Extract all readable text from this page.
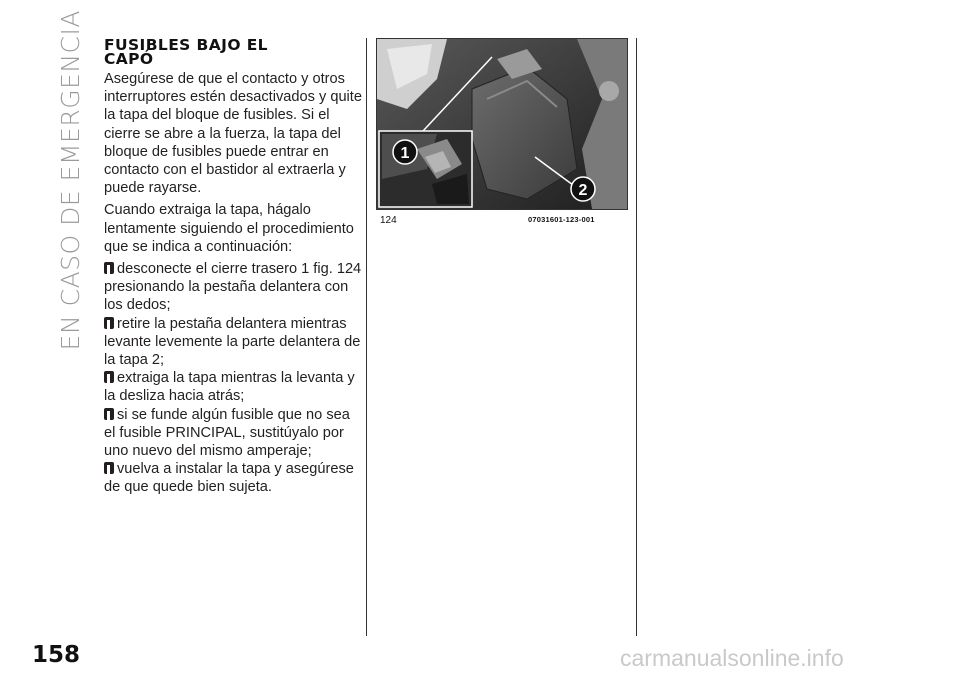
EN CASO DE EMERGENCIA FUSIBLES BAJO EL
CAPÓ

Asegúrese de que el contacto y otros interruptores estén desactivados y quite la tapa del bloque de fusibles. Si el cierre se abre a la fuerza, la tapa del bloque de fusibles puede entrar en contacto con el bastidor al extraerla y puede rayarse.

Cuando extraiga la tapa, hágalo lentamente siguiendo el procedimiento que se indica a continuación:

desconecte el cierre trasero 1 fig. 124 presionando la pestaña delantera con los dedos;

retire la pestaña delantera mientras levante levemente la parte delantera de la tapa 2;

extraiga la tapa mientras la levanta y la desliza hacia atrás;

si se funde algún fusible que no sea el fusible PRINCIPAL, sustitúyalo por uno nuevo del mismo amperaje;

vuelva a instalar la tapa y asegúrese de que quede bien sujeta.

1
2
124	07031601-123-001
158	carmanualsonline.info
